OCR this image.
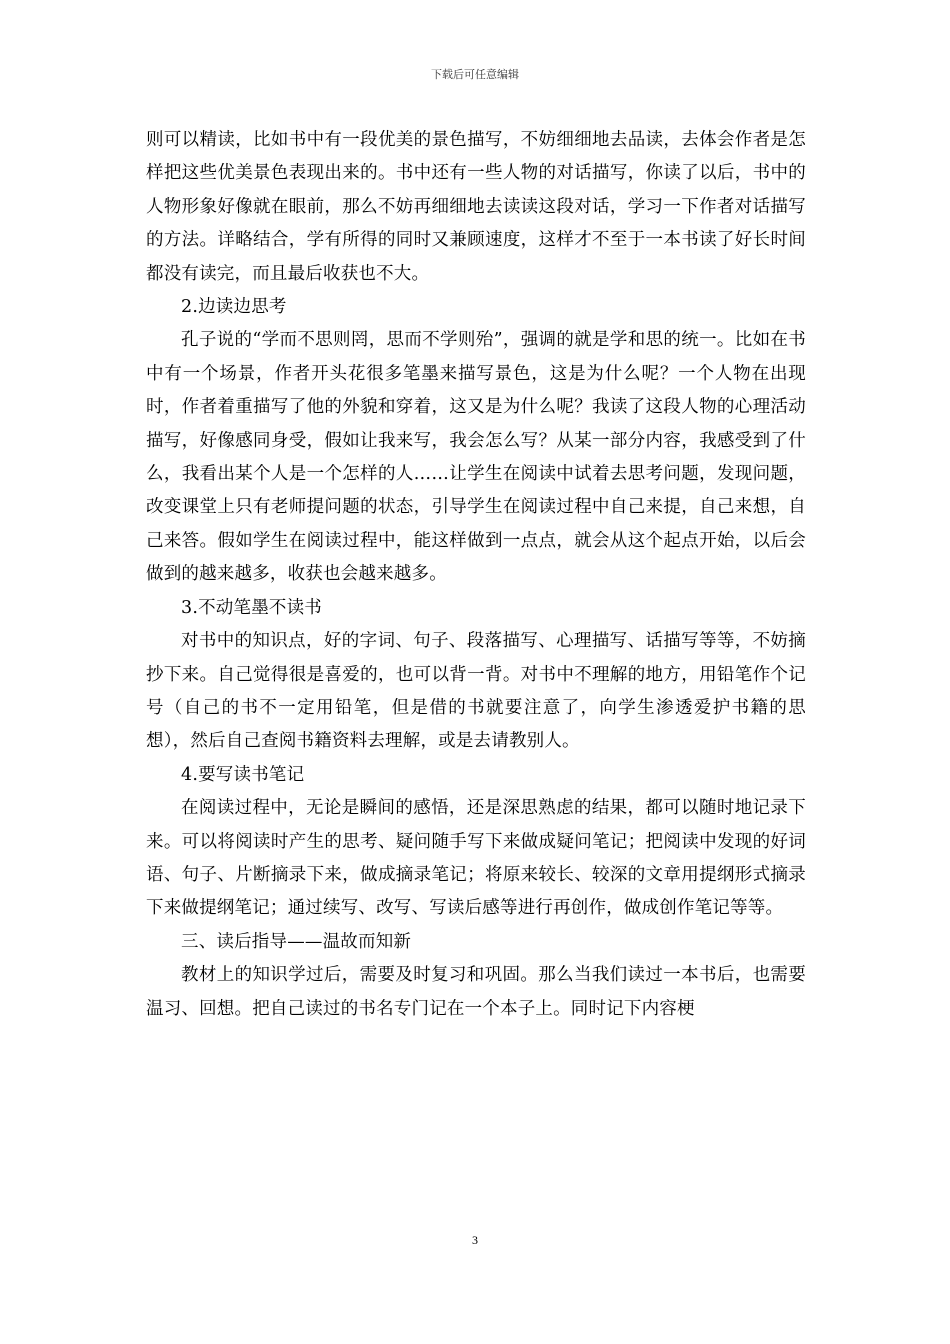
下载后可任意编辑

则可以精读，比如书中有一段优美的景色描写，不妨细细地去品读，去体会作者是怎样把这些优美景色表现出来的。书中还有一些人物的对话描写，你读了以后，书中的人物形象好像就在眼前，那么不妨再细细地去读读这段对话，学习一下作者对话描写的方法。详略结合，学有所得的同时又兼顾速度，这样才不至于一本书读了好长时间都没有读完，而且最后收获也不大。

2.边读边思考

孔子说的“学而不思则罔，思而不学则殆”，强调的就是学和思的统一。比如在书中有一个场景，作者开头花很多笔墨来描写景色，这是为什么呢？一个人物在出现时，作者着重描写了他的外貌和穿着，这又是为什么呢？我读了这段人物的心理活动描写，好像感同身受，假如让我来写，我会怎么写？从某一部分内容，我感受到了什么，我看出某个人是一个怎样的人……让学生在阅读中试着去思考问题，发现问题，改变课堂上只有老师提问题的状态，引导学生在阅读过程中自己来提，自己来想，自己来答。假如学生在阅读过程中，能这样做到一点点，就会从这个起点开始，以后会做到的越来越多，收获也会越来越多。

3.不动笔墨不读书

对书中的知识点，好的字词、句子、段落描写、心理描写、话描写等等，不妨摘抄下来。自己觉得很是喜爱的，也可以背一背。对书中不理解的地方，用铅笔作个记号（自己的书不一定用铅笔，但是借的书就要注意了，向学生渗透爱护书籍的思想），然后自己查阅书籍资料去理解，或是去请教别人。

4.要写读书笔记

在阅读过程中，无论是瞬间的感悟，还是深思熟虑的结果，都可以随时地记录下来。可以将阅读时产生的思考、疑问随手写下来做成疑问笔记；把阅读中发现的好词语、句子、片断摘录下来，做成摘录笔记；将原来较长、较深的文章用提纲形式摘录下来做提纲笔记；通过续写、改写、写读后感等进行再创作，做成创作笔记等等。

三、读后指导——温故而知新

教材上的知识学过后，需要及时复习和巩固。那么当我们读过一本书后，也需要温习、回想。把自己读过的书名专门记在一个本子上。同时记下内容梗

3
